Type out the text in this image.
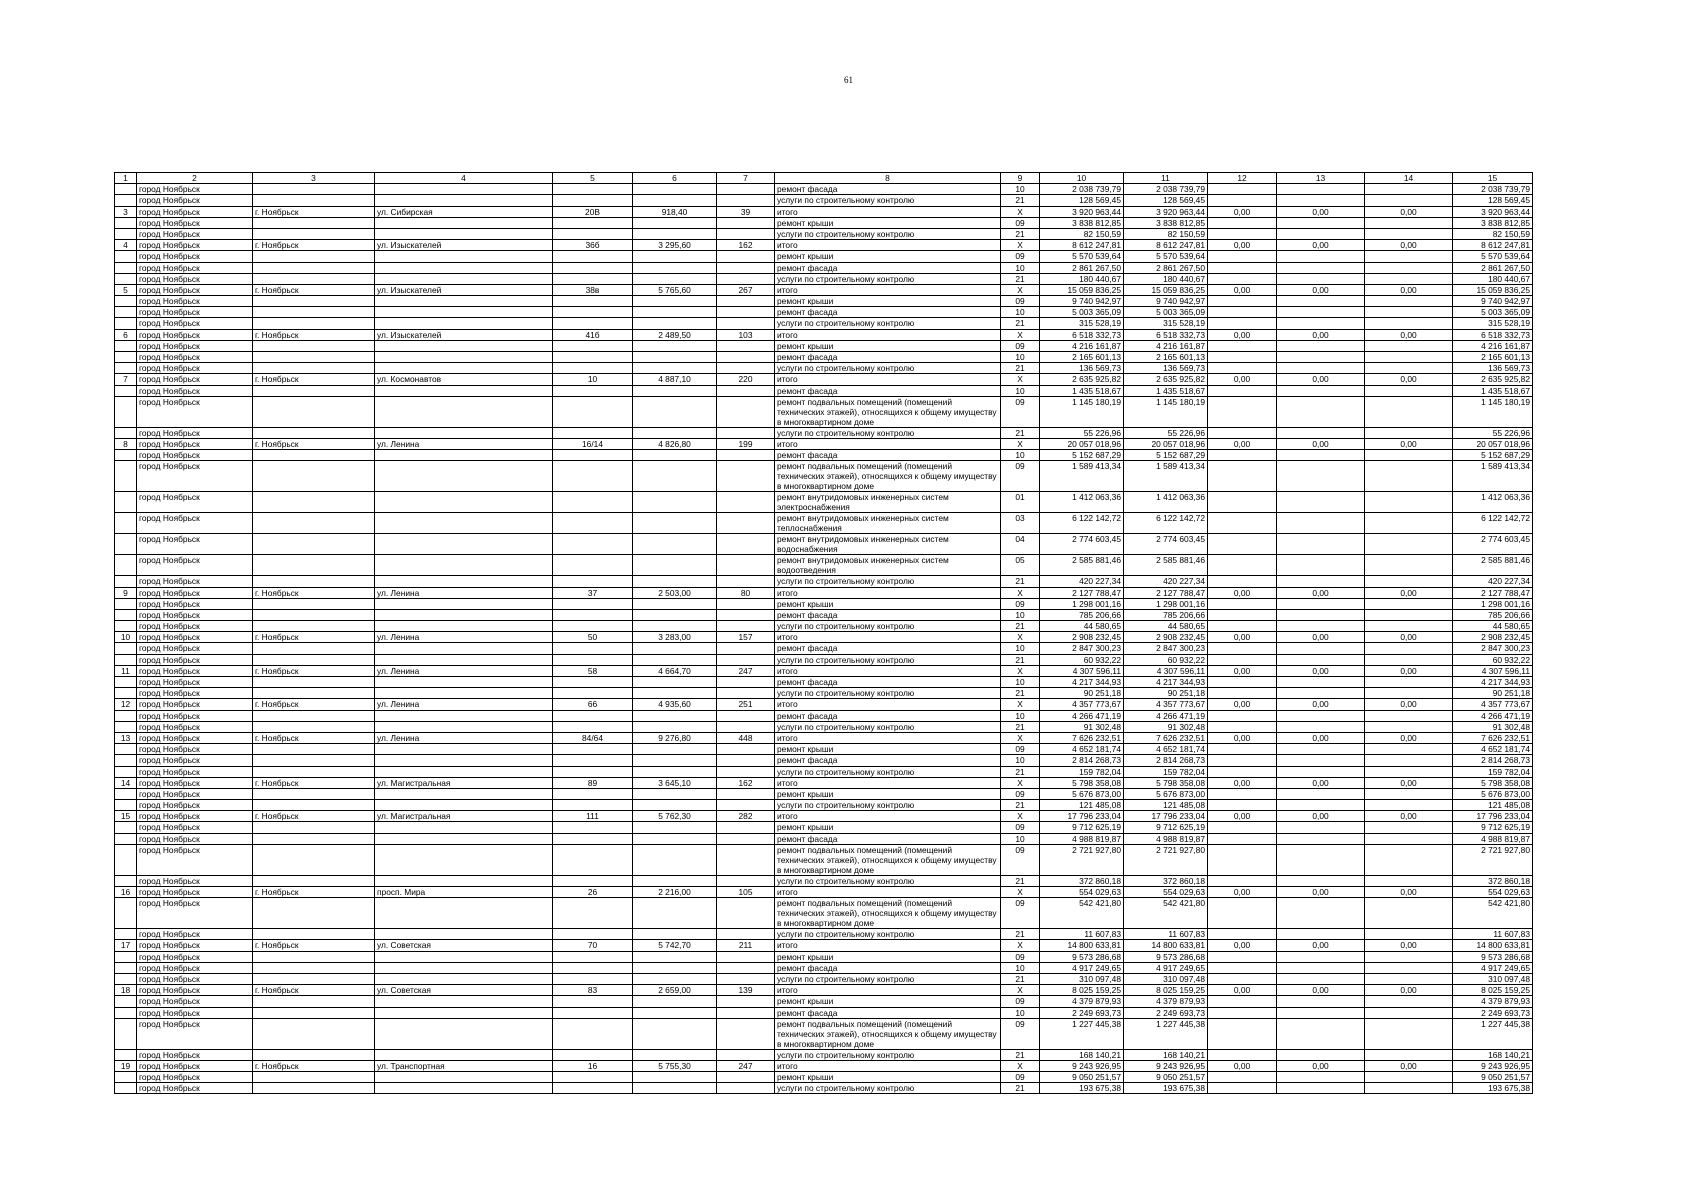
61
1	2	3	4	5	6	7	8	9	10	11	12	13	14	15
	город Ноябрьск						ремонт фасада	10	2 038 739,79	2 038 739,79				2 038 739,79
	город Ноябрьск						услуги по строительному контролю	21	128 569,45	128 569,45				128 569,45
3	город Ноябрьск	г. Ноябрьск	ул. Сибирская	20В	918,40	39	итого	X	3 920 963,44	3 920 963,44	0,00	0,00	0,00	3 920 963,44
	город Ноябрьск						ремонт крыши	09	3 838 812,85	3 838 812,85				3 838 812,85
	город Ноябрьск						услуги по строительному контролю	21	82 150,59	82 150,59				82 150,59
4	город Ноябрьск	г. Ноябрьск	ул. Изыскателей	36б	3 295,60	162	итого	X	8 612 247,81	8 612 247,81	0,00	0,00	0,00	8 612 247,81
	город Ноябрьск						ремонт крыши	09	5 570 539,64	5 570 539,64				5 570 539,64
	город Ноябрьск						ремонт фасада	10	2 861 267,50	2 861 267,50				2 861 267,50
	город Ноябрьск						услуги по строительному контролю	21	180 440,67	180 440,67				180 440,67
5	город Ноябрьск	г. Ноябрьск	ул. Изыскателей	38в	5 765,60	267	итого	X	15 059 836,25	15 059 836,25	0,00	0,00	0,00	15 059 836,25
	город Ноябрьск						ремонт крыши	09	9 740 942,97	9 740 942,97				9 740 942,97
	город Ноябрьск						ремонт фасада	10	5 003 365,09	5 003 365,09				5 003 365,09
	город Ноябрьск						услуги по строительному контролю	21	315 528,19	315 528,19				315 528,19
6	город Ноябрьск	г. Ноябрьск	ул. Изыскателей	41б	2 489,50	103	итого	X	6 518 332,73	6 518 332,73	0,00	0,00	0,00	6 518 332,73
	город Ноябрьск						ремонт крыши	09	4 216 161,87	4 216 161,87				4 216 161,87
	город Ноябрьск						ремонт фасада	10	2 165 601,13	2 165 601,13				2 165 601,13
	город Ноябрьск						услуги по строительному контролю	21	136 569,73	136 569,73				136 569,73
7	город Ноябрьск	г. Ноябрьск	ул. Космонавтов	10	4 887,10	220	итого	X	2 635 925,82	2 635 925,82	0,00	0,00	0,00	2 635 925,82
	город Ноябрьск						ремонт фасада	10	1 435 518,67	1 435 518,67				1 435 518,67
	город Ноябрьск						ремонт подвальных помещений (помещений технических этажей), относящихся к общему имуществу в многоквартирном доме	09	1 145 180,19	1 145 180,19				1 145 180,19
	город Ноябрьск						услуги по строительному контролю	21	55 226,96	55 226,96				55 226,96
8	город Ноябрьск	г. Ноябрьск	ул. Ленина	16/14	4 826,80	199	итого	X	20 057 018,96	20 057 018,96	0,00	0,00	0,00	20 057 018,96
	город Ноябрьск						ремонт фасада	10	5 152 687,29	5 152 687,29				5 152 687,29
	город Ноябрьск						ремонт подвальных помещений (помещений технических этажей), относящихся к общему имуществу в многоквартирном доме	09	1 589 413,34	1 589 413,34				1 589 413,34
	город Ноябрьск						ремонт внутридомовых инженерных систем электроснабжения	01	1 412 063,36	1 412 063,36				1 412 063,36
	город Ноябрьск						ремонт внутридомовых инженерных систем теплоснабжения	03	6 122 142,72	6 122 142,72				6 122 142,72
	город Ноябрьск						ремонт внутридомовых инженерных систем водоснабжения	04	2 774 603,45	2 774 603,45				2 774 603,45
	город Ноябрьск						ремонт внутридомовых инженерных систем водоотведения	05	2 585 881,46	2 585 881,46				2 585 881,46
	город Ноябрьск						услуги по строительному контролю	21	420 227,34	420 227,34				420 227,34
9	город Ноябрьск	г. Ноябрьск	ул. Ленина	37	2 503,00	80	итого	X	2 127 788,47	2 127 788,47	0,00	0,00	0,00	2 127 788,47
	город Ноябрьск						ремонт крыши	09	1 298 001,16	1 298 001,16				1 298 001,16
	город Ноябрьск						ремонт фасада	10	785 206,66	785 206,66				785 206,66
	город Ноябрьск						услуги по строительному контролю	21	44 580,65	44 580,65				44 580,65
10	город Ноябрьск	г. Ноябрьск	ул. Ленина	50	3 283,00	157	итого	X	2 908 232,45	2 908 232,45	0,00	0,00	0,00	2 908 232,45
	город Ноябрьск						ремонт фасада	10	2 847 300,23	2 847 300,23				2 847 300,23
	город Ноябрьск						услуги по строительному контролю	21	60 932,22	60 932,22				60 932,22
11	город Ноябрьск	г. Ноябрьск	ул. Ленина	58	4 664,70	247	итого	X	4 307 596,11	4 307 596,11	0,00	0,00	0,00	4 307 596,11
	город Ноябрьск						ремонт фасада	10	4 217 344,93	4 217 344,93				4 217 344,93
	город Ноябрьск						услуги по строительному контролю	21	90 251,18	90 251,18				90 251,18
12	город Ноябрьск	г. Ноябрьск	ул. Ленина	66	4 935,60	251	итого	X	4 357 773,67	4 357 773,67	0,00	0,00	0,00	4 357 773,67
	город Ноябрьск						ремонт фасада	10	4 266 471,19	4 266 471,19				4 266 471,19
	город Ноябрьск						услуги по строительному контролю	21	91 302,48	91 302,48				91 302,48
13	город Ноябрьск	г. Ноябрьск	ул. Ленина	84/64	9 276,80	448	итого	X	7 626 232,51	7 626 232,51	0,00	0,00	0,00	7 626 232,51
	город Ноябрьск						ремонт крыши	09	4 652 181,74	4 652 181,74				4 652 181,74
	город Ноябрьск						ремонт фасада	10	2 814 268,73	2 814 268,73				2 814 268,73
	город Ноябрьск						услуги по строительному контролю	21	159 782,04	159 782,04				159 782,04
14	город Ноябрьск	г. Ноябрьск	ул. Магистральная	89	3 645,10	162	итого	X	5 798 358,08	5 798 358,08	0,00	0,00	0,00	5 798 358,08
	город Ноябрьск						ремонт крыши	09	5 676 873,00	5 676 873,00				5 676 873,00
	город Ноябрьск						услуги по строительному контролю	21	121 485,08	121 485,08				121 485,08
15	город Ноябрьск	г. Ноябрьск	ул. Магистральная	111	5 762,30	282	итого	X	17 796 233,04	17 796 233,04	0,00	0,00	0,00	17 796 233,04
	город Ноябрьск						ремонт крыши	09	9 712 625,19	9 712 625,19				9 712 625,19
	город Ноябрьск						ремонт фасада	10	4 988 819,87	4 988 819,87				4 988 819,87
	город Ноябрьск						ремонт подвальных помещений (помещений технических этажей), относящихся к общему имуществу в многоквартирном доме	09	2 721 927,80	2 721 927,80				2 721 927,80
	город Ноябрьск						услуги по строительному контролю	21	372 860,18	372 860,18				372 860,18
16	город Ноябрьск	г. Ноябрьск	просп. Мира	26	2 216,00	105	итого	X	554 029,63	554 029,63	0,00	0,00	0,00	554 029,63
	город Ноябрьск						ремонт подвальных помещений (помещений технических этажей), относящихся к общему имуществу в многоквартирном доме	09	542 421,80	542 421,80				542 421,80
	город Ноябрьск						услуги по строительному контролю	21	11 607,83	11 607,83				11 607,83
17	город Ноябрьск	г. Ноябрьск	ул. Советская	70	5 742,70	211	итого	X	14 800 633,81	14 800 633,81	0,00	0,00	0,00	14 800 633,81
	город Ноябрьск						ремонт крыши	09	9 573 286,68	9 573 286,68				9 573 286,68
	город Ноябрьск						ремонт фасада	10	4 917 249,65	4 917 249,65				4 917 249,65
	город Ноябрьск						услуги по строительному контролю	21	310 097,48	310 097,48				310 097,48
18	город Ноябрьск	г. Ноябрьск	ул. Советская	83	2 659,00	139	итого	X	8 025 159,25	8 025 159,25	0,00	0,00	0,00	8 025 159,25
	город Ноябрьск						ремонт крыши	09	4 379 879,93	4 379 879,93				4 379 879,93
	город Ноябрьск						ремонт фасада	10	2 249 693,73	2 249 693,73				2 249 693,73
	город Ноябрьск						ремонт подвальных помещений (помещений технических этажей), относящихся к общему имуществу в многоквартирном доме	09	1 227 445,38	1 227 445,38				1 227 445,38
	город Ноябрьск						услуги по строительному контролю	21	168 140,21	168 140,21				168 140,21
19	город Ноябрьск	г. Ноябрьск	ул. Транспортная	16	5 755,30	247	итого	X	9 243 926,95	9 243 926,95	0,00	0,00	0,00	9 243 926,95
	город Ноябрьск						ремонт крыши	09	9 050 251,57	9 050 251,57				9 050 251,57
	город Ноябрьск						услуги по строительному контролю	21	193 675,38	193 675,38				193 675,38
